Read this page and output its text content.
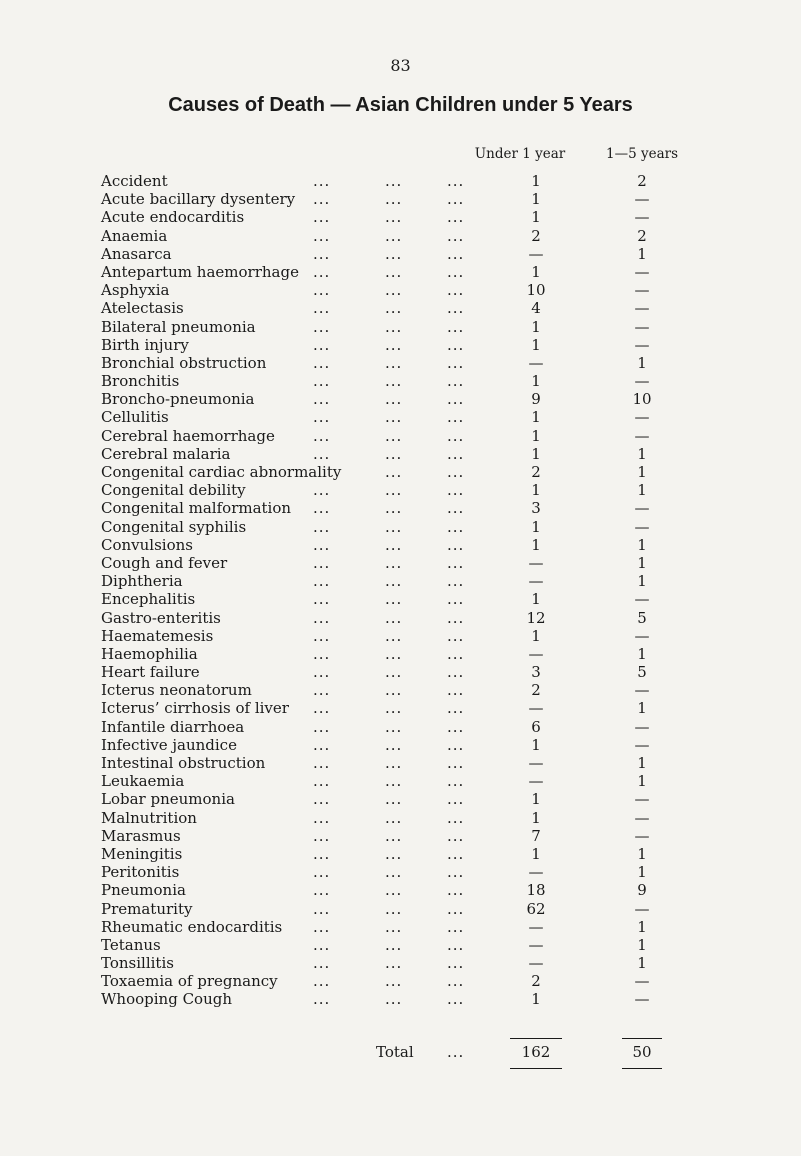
83
Causes of Death — Asian Children under 5 Years
Under 1 year	1—5 years
Accident	...	...	...	1	2
Acute bacillary dysentery ...	...	...	1	—
Acute endocarditis	...	...	...	1	—
Anaemia	...	...	...	2	2
Anasarca	...	...	...	—	1
Antepartum haemorrhage ...	...	...	1	—
Asphyxia	...	...	...	10	—
Atelectasis	...	...	...	4	—
Bilateral pneumonia	...	...	...	1	—
Birth injury	...	...	...	1	—
Bronchial obstruction	...	...	...	—	1
Bronchitis	...	...	...	1	—
Broncho-pneumonia	...	...	...	9	10
Cellulitis	...	...	...	1	—
Cerebral haemorrhage	...	...	...	1	—
Cerebral malaria	...	...	...	1	1
Congenital cardiac abnormality	...	...	2	1
Congenital debility	...	...	...	1	1
Congenital malformation ...	...	...	3	—
Congenital syphilis	...	...	...	1	—
Convulsions	...	...	...	1	1
Cough and fever	...	...	...	—	1
Diphtheria	...	...	...	—	1
Encephalitis	...	...	...	1	—
Gastro-enteritis	...	...	...	12	5
Haematemesis	...	...	...	1	—
Haemophilia	...	...	...	—	1
Heart failure	...	...	...	3	5
Icterus neonatorum	...	...	...	2	—
Icterus’ cirrhosis of liver ...	...	...	—	1
Infantile diarrhoea	...	...	...	6	—
Infective jaundice	...	...	...	1	—
Intestinal obstruction	...	...	...	—	1
Leukaemia	...	...	...	—	1
Lobar pneumonia	...	...	...	1	—
Malnutrition	...	...	...	1	—
Marasmus	...	...	...	7	—
Meningitis	...	...	...	1	1
Peritonitis	...	...	...	—	1
Pneumonia	...	...	...	18	9
Prematurity	...	...	...	62	—
Rheumatic endocarditis ...	...	...	—	1
Tetanus	...	...	...	—	1
Tonsillitis	...	...	...	—	1
Toxaemia of pregnancy ...	...	...	2	—
Whooping Cough	...	...	...	1	—
Total ...	162	50
